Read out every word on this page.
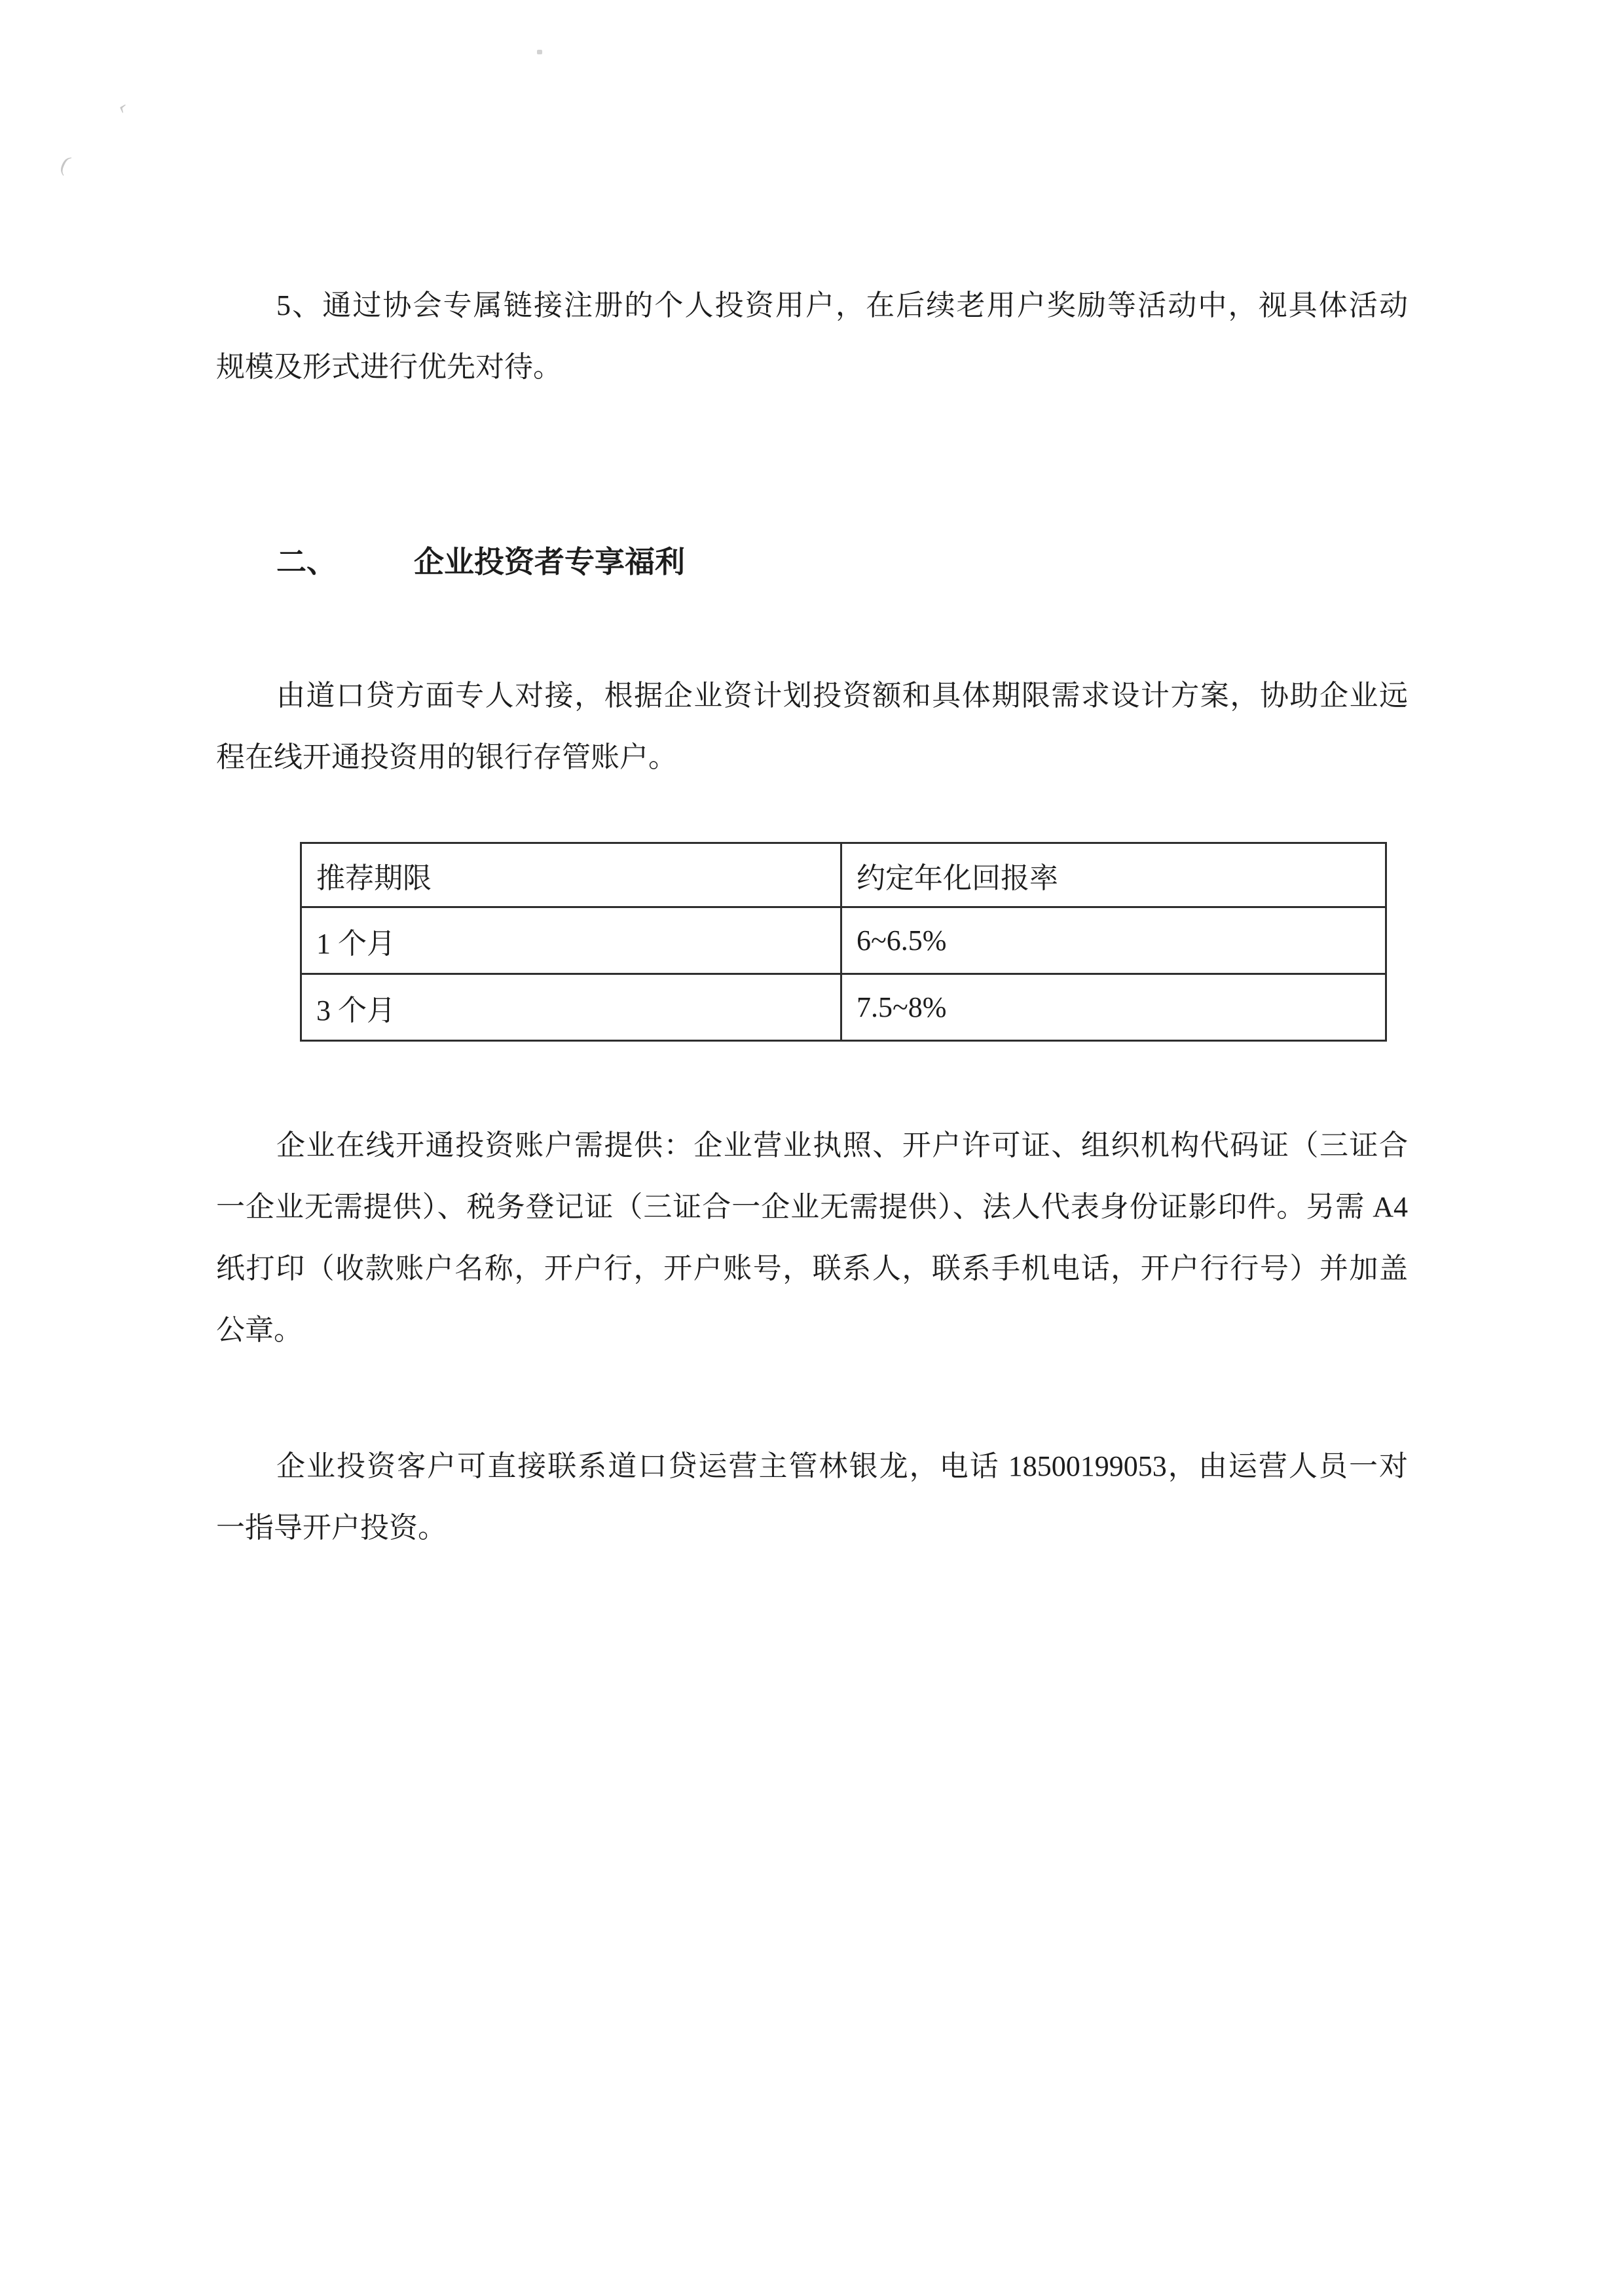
‹
(
5、通过协会专属链接注册的个人投资用户，在后续老用户奖励等活动中，视具体活动
规模及形式进行优先对待。
二、	企业投资者专享福利
由道口贷方面专人对接，根据企业资计划投资额和具体期限需求设计方案，协助企业远
程在线开通投资用的银行存管账户。
推荐期限	约定年化回报率
1 个月	6~6.5%
3 个月	7.5~8%
企业在线开通投资账户需提供：企业营业执照、开户许可证、组织机构代码证（三证合
一企业无需提供）、税务登记证（三证合一企业无需提供）、法人代表身份证影印件。另需 A4
纸打印（收款账户名称，开户行，开户账号，联系人，联系手机电话，开户行行号）并加盖
公章。
企业投资客户可直接联系道口贷运营主管林银龙，电话 18500199053，由运营人员一对
一指导开户投资。
